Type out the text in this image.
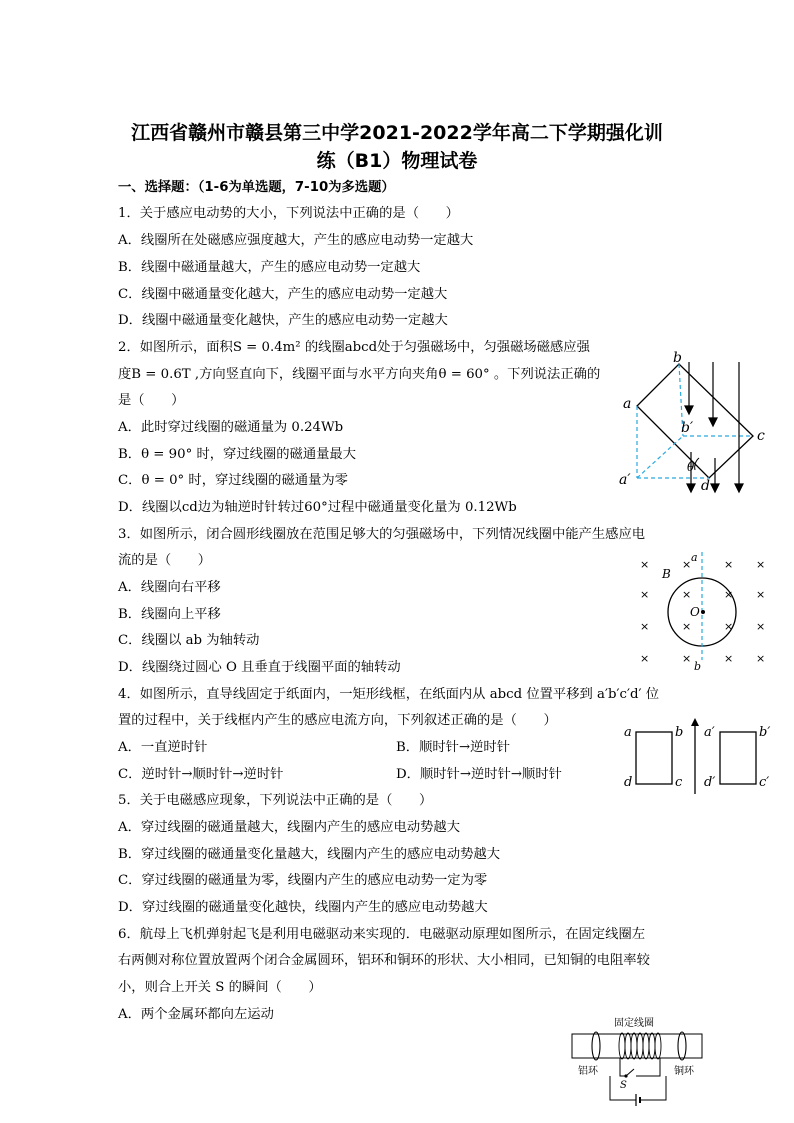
江西省赣州市赣县第三中学2021-2022学年高二下学期强化训
练（B1）物理试卷
一、选择题：（1-6为单选题，7-10为多选题）
1．关于感应电动势的大小，下列说法中正确的是（　　）
A．线圈所在处磁感应强度越大，产生的感应电动势一定越大
B．线圈中磁通量越大，产生的感应电动势一定越大
C．线圈中磁通量变化越大，产生的感应电动势一定越大
D．线圈中磁通量变化越快，产生的感应电动势一定越大
2．如图所示，面积S = 0.4m² 的线圈abcd处于匀强磁场中，匀强磁场磁感应强
度B = 0.6T ,方向竖直向下，线圈平面与水平方向夹角θ = 60° 。下列说法正确的
是（　　）
A．此时穿过线圈的磁通量为 0.24Wb
B．θ = 90° 时，穿过线圈的磁通量最大
C．θ = 0° 时，穿过线圈的磁通量为零
D．线圈以cd边为轴逆时针转过60°过程中磁通量变化量为 0.12Wb
a
b
c
d
a′
b′
θ
3．如图所示，闭合圆形线圈放在范围足够大的匀强磁场中，下列情况线圈中能产生感应电
流的是（　　）
A．线圈向右平移
B．线圈向上平移
C．线圈以 ab 为轴转动
D．线圈绕过圆心 O 且垂直于线圈平面的轴转动
O
B
a
b
×	×	× ×
×	×	× ×
×	×	× ×
×	×	× ×
4．如图所示，直导线固定于纸面内，一矩形线框，在纸面内从 abcd 位置平移到 a′b′c′d′ 位
置的过程中，关于线框内产生的感应电流方向，下列叙述正确的是（　　）
A．一直逆时针	B．顺时针→逆时针
C．逆时针→顺时针→逆时针	D．顺时针→逆时针→顺时针
a	b
c
d
a′	b′
c′
d′
5．关于电磁感应现象，下列说法中正确的是（　　）
A．穿过线圈的磁通量越大，线圈内产生的感应电动势越大
B．穿过线圈的磁通量变化量越大，线圈内产生的感应电动势越大
C．穿过线圈的磁通量为零，线圈内产生的感应电动势一定为零
D．穿过线圈的磁通量变化越快，线圈内产生的感应电动势越大
6．航母上飞机弹射起飞是利用电磁驱动来实现的．电磁驱动原理如图所示，在固定线圈左
右两侧对称位置放置两个闭合金属圆环，铝环和铜环的形状、大小相同，已知铜的电阻率较
小，则合上开关 S 的瞬间（　　）
A．两个金属环都向左运动
固定线圈
铝环	铜环
S
